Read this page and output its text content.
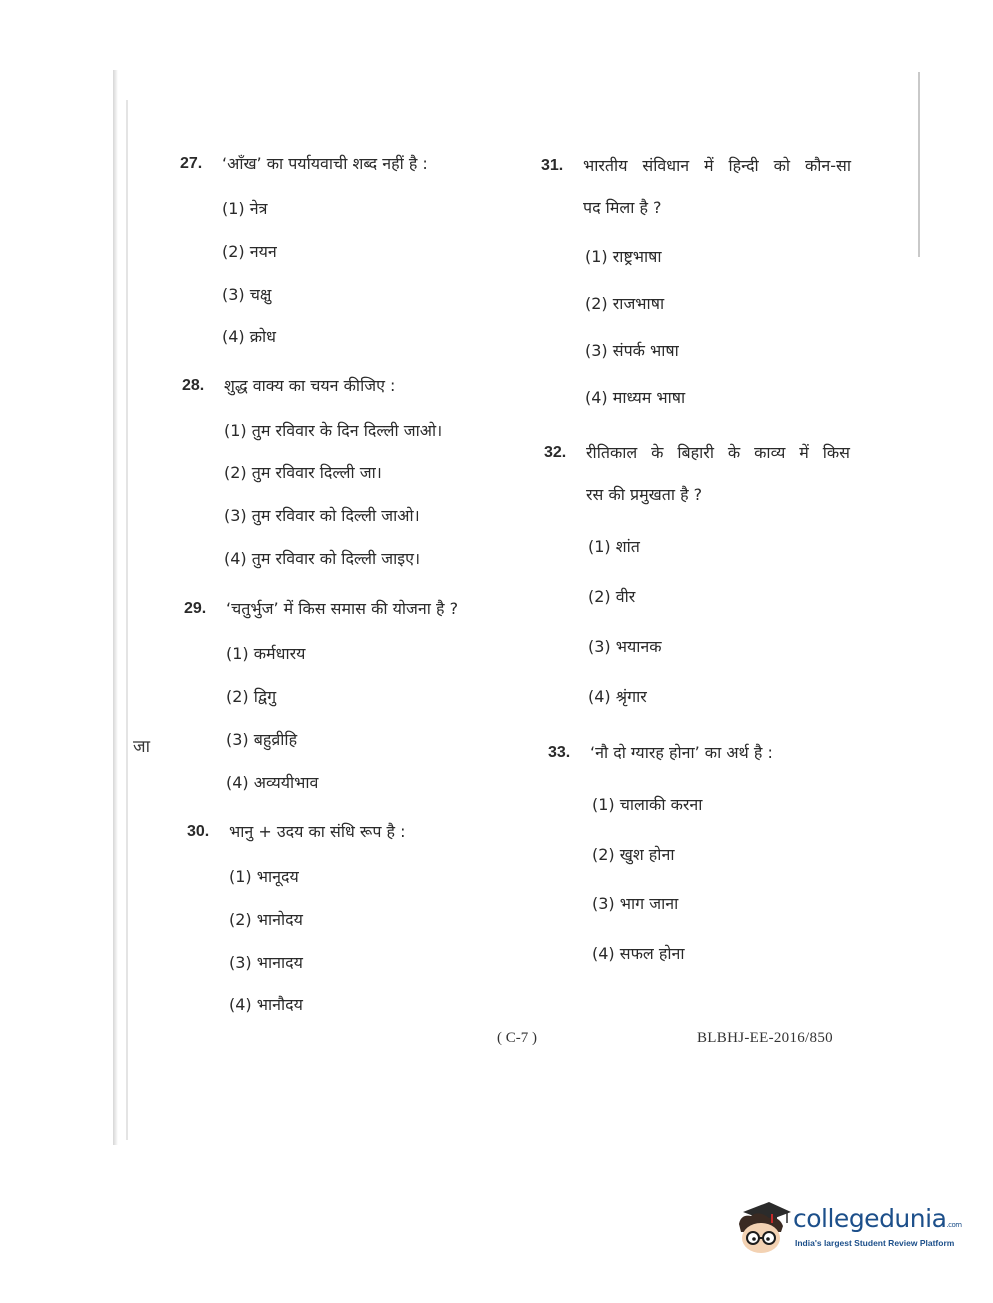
जा
27.	‘आँख’ का पर्यायवाची शब्द नहीं है :
(1) नेत्र
(2) नयन
(3) चक्षु
(4) क्रोध
28.	शुद्ध वाक्य का चयन कीजिए :
(1) तुम रविवार के दिन दिल्ली जाओ।
(2) तुम रविवार दिल्ली जा।
(3) तुम रविवार को दिल्ली जाओ।
(4) तुम रविवार को दिल्ली जाइए।
29.	‘चतुर्भुज’ में किस समास की योजना है ?
(1) कर्मधारय
(2) द्विगु
(3) बहुव्रीहि
(4) अव्ययीभाव
30.	भानु + उदय का संधि रूप है :
(1) भानूदय
(2) भानोदय
(3) भानादय
(4) भानौदय
31.	भारतीय संविधान में हिन्दी को कौन-सा
पद मिला है ?
(1) राष्ट्रभाषा
(2) राजभाषा
(3) संपर्क भाषा
(4) माध्यम भाषा
32.	रीतिकाल के बिहारी के काव्य में किस
रस की प्रमुखता है ?
(1) शांत
(2) वीर
(3) भयानक
(4) श्रृंगार
33.	‘नौ दो ग्यारह होना’ का अर्थ है :
(1) चालाकी करना
(2) खुश होना
(3) भाग जाना
(4) सफल होना
( C-7 )	BLBHJ-EE-2016/850
collegedunia.com
India's largest Student Review Platform
